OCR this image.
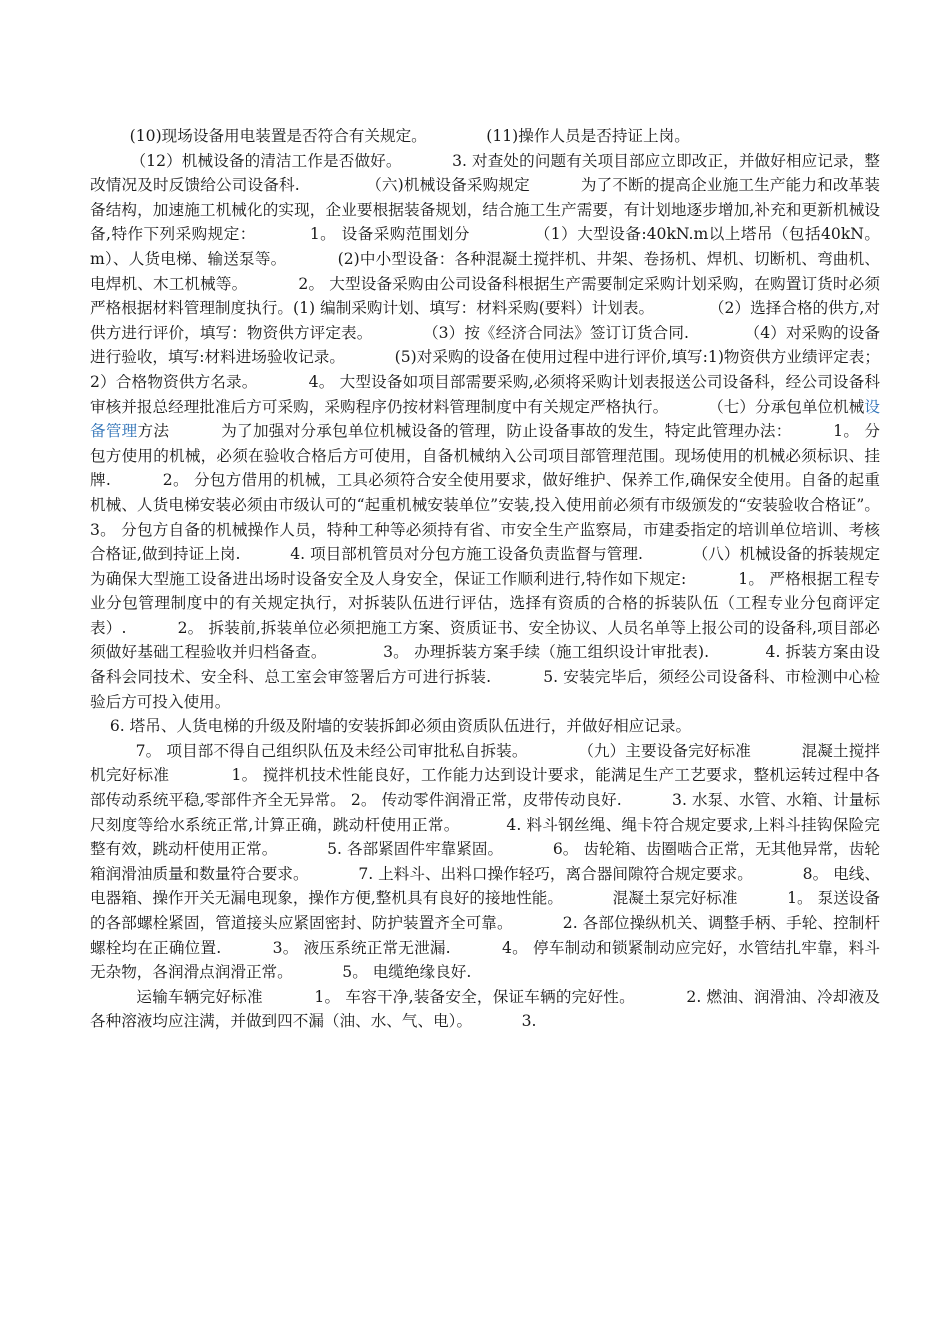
(10)现场设备用电装置是否符合有关规定。            (11)操作人员是否持证上岗。

（12）机械设备的清洁工作是否做好。          3. 对查处的问题有关项目部应立即改正，并做好相应记录，整改情况及时反馈给公司设备科.             （六)机械设备采购规定          为了不断的提高企业施工生产能力和改革装备结构，加速施工机械化的实现，企业要根据装备规划，结合施工生产需要，有计划地逐步增加,补充和更新机械设备,特作下列采购规定：          1。 设备采购范围划分            （1）大型设备:40kN.m以上塔吊（包括40kN。m）、人货电梯、输送泵等。          (2)中小型设备：各种混凝土搅拌机、井架、卷扬机、焊机、切断机、弯曲机、电焊机、木工机械等。          2。 大型设备采购由公司设备科根据生产需要制定采购计划采购，在购置订货时必须严格根据材料管理制度执行。(1) 编制采购计划、填写：材料采购(要料）计划表。           （2）选择合格的供方,对供方进行评价，填写：物资供方评定表。          （3）按《经济合同法》签订订货合同.           （4）对采购的设备进行验收，填写:材料进场验收记录。          (5)对采购的设备在使用过程中进行评价,填写:1)物资供方业绩评定表；2）合格物资供方名录。          4。 大型设备如项目部需要采购,必须将采购计划表报送公司设备科，经公司设备科审核并报总经理批准后方可采购，采购程序仍按材料管理制度中有关规定严格执行。        （七）分承包单位机械设备管理方法          为了加强对分承包单位机械设备的管理，防止设备事故的发生，特定此管理办法：        1。 分包方使用的机械，必须在验收合格后方可使用，自备机械纳入公司项目部管理范围。现场使用的机械必须标识、挂牌.          2。 分包方借用的机械，工具必须符合安全使用要求，做好维护、保养工作,确保安全使用。自备的起重机械、人货电梯安装必须由市级认可的“起重机械安装单位”安装,投入使用前必须有市级颁发的“安装验收合格证”。 3。 分包方自备的机械操作人员，特种工种等必须持有省、市安全生产监察局，市建委指定的培训单位培训、考核合格证,做到持证上岗.          4. 项目部机管员对分包方施工设备负责监督与管理.          （八）机械设备的拆装规定           为确保大型施工设备进出场时设备安全及人身安全，保证工作顺利进行,特作如下规定:          1。 严格根据工程专业分包管理制度中的有关规定执行，对拆装队伍进行评估，选择有资质的合格的拆装队伍（工程专业分包商评定表）.          2。 拆装前,拆装单位必须把施工方案、资质证书、安全协议、人员名单等上报公司的设备科,项目部必须做好基础工程验收并归档备查。           3。 办理拆装方案手续（施工组织设计审批表).           4. 拆装方案由设备科会同技术、安全科、总工室会审签署后方可进行拆装.          5. 安装完毕后，须经公司设备科、市检测中心检验后方可投入使用。

6. 塔吊、人货电梯的升级及附墙的安装拆卸必须由资质队伍进行，并做好相应记录。

7。 项目部不得自己组织队伍及未经公司审批私自拆装。          （九）主要设备完好标准          混凝土搅拌机完好标准            1。 搅拌机技术性能良好，工作能力达到设计要求，能满足生产工艺要求，整机运转过程中各部传动系统平稳,零部件齐全无异常。 2。 传动零件润滑正常，皮带传动良好.          3. 水泵、水管、水箱、计量标尺刻度等给水系统正常,计算正确，跳动杆使用正常。         4. 料斗钢丝绳、绳卡符合规定要求,上料斗挂钩保险完整有效，跳动杆使用正常。          5. 各部紧固件牢靠紧固。          6。 齿轮箱、齿圈啮合正常，无其他异常，齿轮箱润滑油质量和数量符合要求。          7. 上料斗、出料口操作轻巧，离合器间隙符合规定要求。          8。 电线、电器箱、操作开关无漏电现象，操作方便,整机具有良好的接地性能。          混凝土泵完好标准          1。 泵送设备的各部螺栓紧固，管道接头应紧固密封、防护装置齐全可靠。          2. 各部位操纵机关、调整手柄、手轮、控制杆螺栓均在正确位置.          3。 液压系统正常无泄漏.          4。 停车制动和锁紧制动应完好，水管结扎牢靠，料斗无杂物，各润滑点润滑正常。          5。 电缆绝缘良好.

运输车辆完好标准          1。 车容干净,装备安全，保证车辆的完好性。          2. 燃油、润滑油、冷却液及各种溶液均应注满，并做到四不漏（油、水、气、电）。          3.
